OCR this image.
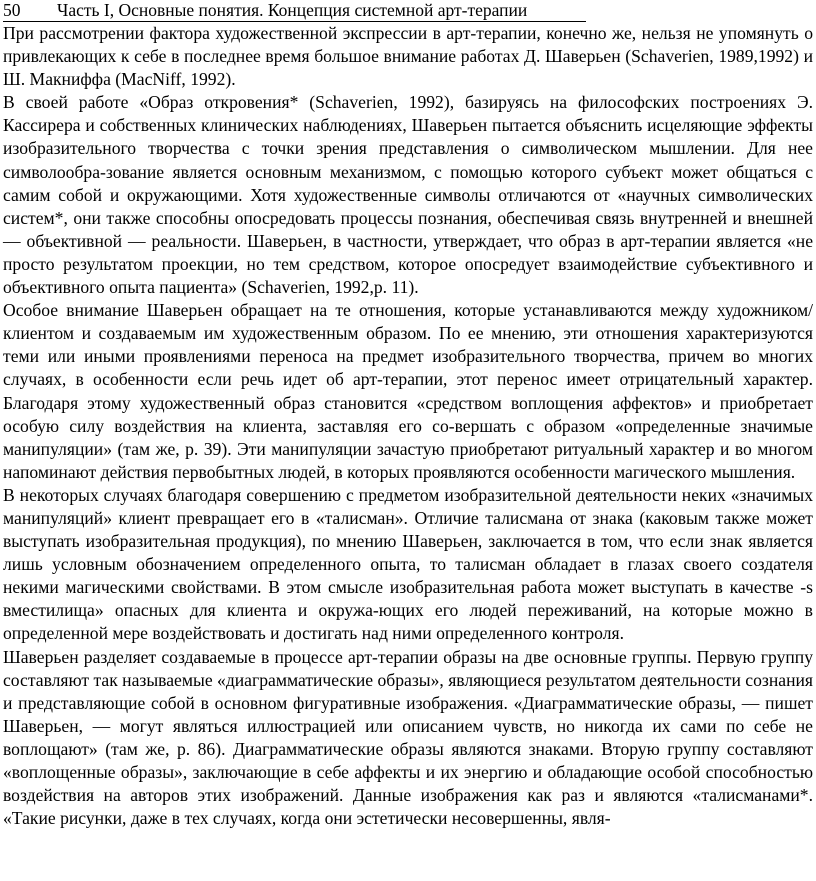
50 Часть I, Основные понятия. Концепция системной арт-терапии

При рассмотрении фактора художественной экспрессии в арт-терапии, конечно же, нельзя не упомянуть о привлекающих к себе в последнее время большое внимание работах Д. Шаверьен (Schaverien, 1989,1992) и Ш. Макниффа (MacNiff, 1992).

В своей работе «Образ откровения* (Schaverien, 1992), базируясь на философских построениях Э. Кассирера и собственных клинических наблюдениях, Шаверьен пытается объяснить исцеляющие эффекты изобразительного творчества с точки зрения представления о символическом мышлении. Для нее символообра-зование является основным механизмом, с помощью которого субъект может общаться с самим собой и окружающими. Хотя художественные символы отличаются от «научных символических систем*, они также способны опосредовать процессы познания, обеспечивая связь внутренней и внешней — объективной — реальности. Шаверьен, в частности, утверждает, что образ в арт-терапии является «не просто результатом проекции, но тем средством, которое опосредует взаимодействие субъективного и объективного опыта пациента» (Schaverien, 1992,р. 11).

Особое внимание Шаверьен обращает на те отношения, которые устанавливаются между художником/клиентом и создаваемым им художественным образом. По ее мнению, эти отношения характеризуются теми или иными проявлениями переноса на предмет изобразительного творчества, причем во многих случаях, в особенности если речь идет об арт-терапии, этот перенос имеет отрицательный характер. Благодаря этому художественный образ становится «средством воплощения аффектов» и приобретает особую силу воздействия на клиента, заставляя его со-вершать с образом «определенные значимые манипуляции» (там же, р. 39). Эти манипуляции зачастую приобретают ритуальный характер и во многом напоминают действия первобытных людей, в которых проявляются особенности магического мышления.

В некоторых случаях благодаря совершению с предметом изобразительной деятельности неких «значимых манипуляций» клиент превращает его в «талисман». Отличие талисмана от знака (каковым также может выступать изобразительная продукция), по мнению Шаверьен, заключается в том, что если знак является лишь условным обозначением определенного опыта, то талисман обладает в глазах своего создателя некими магическими свойствами. В этом смысле изобразительная работа может выступать в качестве -s вместилища» опасных для клиента и окружа-ющих его людей переживаний, на которые можно в определенной мере воздействовать и достигать над ними определенного контроля.

Шаверьен разделяет создаваемые в процессе арт-терапии образы на две основные группы. Первую группу составляют так называемые «диаграмматические образы», являющиеся результатом деятельности сознания и представляющие собой в основном фигуративные изображения. «Диаграмматические образы, — пишет Шаверьен, — могут являться иллюстрацией или описанием чувств, но никогда их сами по себе не воплощают» (там же, р. 86). Диаграмматические образы являются знаками. Вторую группу составляют «воплощенные образы», заключающие в себе аффекты и их энергию и обладающие особой способностью воздействия на авторов этих изображений. Данные изображения как раз и являются «талисманами*. «Такие рисунки, даже в тех случаях, когда они эстетически несовершенны, явля-
